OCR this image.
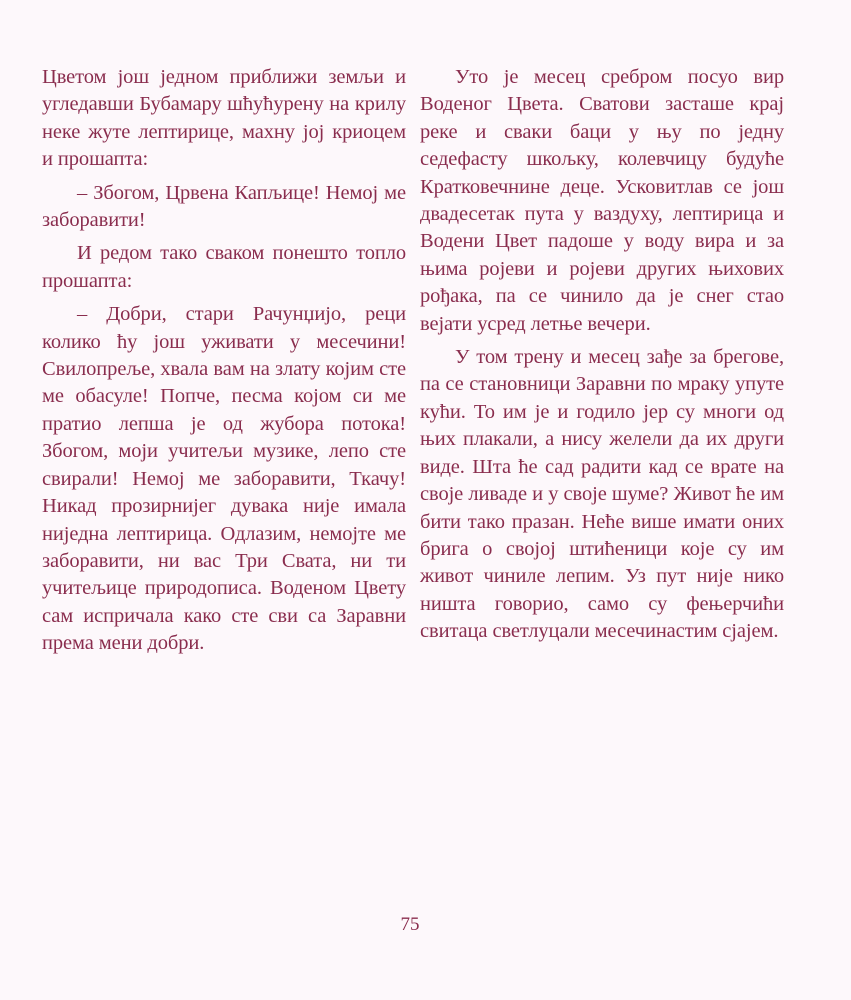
Цветом још једном приближи земљи и угледавши Бубамару шћућурену на крилу неке жуте лептирице, махну јој криоцем и прошапта:

– Збогом, Црвена Капљице! Немој ме заборавити!

И редом тако сваком понешто топло прошапта:

– Добри, стари Рачунџијо, реци колико ћу још уживати у месечини! Свилопреље, хвала вам на злату којим сте ме обасуле! Попче, песма којом си ме пратио лепша је од жубора потока! Збогом, моји учитељи музике, лепо сте свирали! Немој ме заборавити, Ткачу! Никад прозирнијег дувака није имала ниједна лептирица. Одлазим, немојте ме заборавити, ни вас Три Свата, ни ти учитељице природописа. Воденом Цвету сам испричала како сте сви са Заравни према мени добри.

Уто је месец сребром посуо вир Воденог Цвета. Сватови засташе крај реке и сваки баци у њу по једну седефасту шкољку, колевчицу будуће Кратковечнине деце. Усковитлав се још двадесетак пута у ваздуху, лептирица и Водени Цвет падоше у воду вира и за њима ројеви и ројеви других њихових рођака, па се чинило да је снег стао вејати усред летње вечери.

У том трену и месец зађе за брегове, па се становници Заравни по мраку упуте кући. То им је и годило јер су многи од њих плакали, а нису желели да их други виде. Шта ће сад радити кад се врате на своје ливаде и у своје шуме? Живот ће им бити тако празан. Неће више имати оних брига о својој штићеници које су им живот чиниле лепим. Уз пут није нико ништа говорио, само су фењерчићи свитаца светлуцали месечинастим сјајем.

75
